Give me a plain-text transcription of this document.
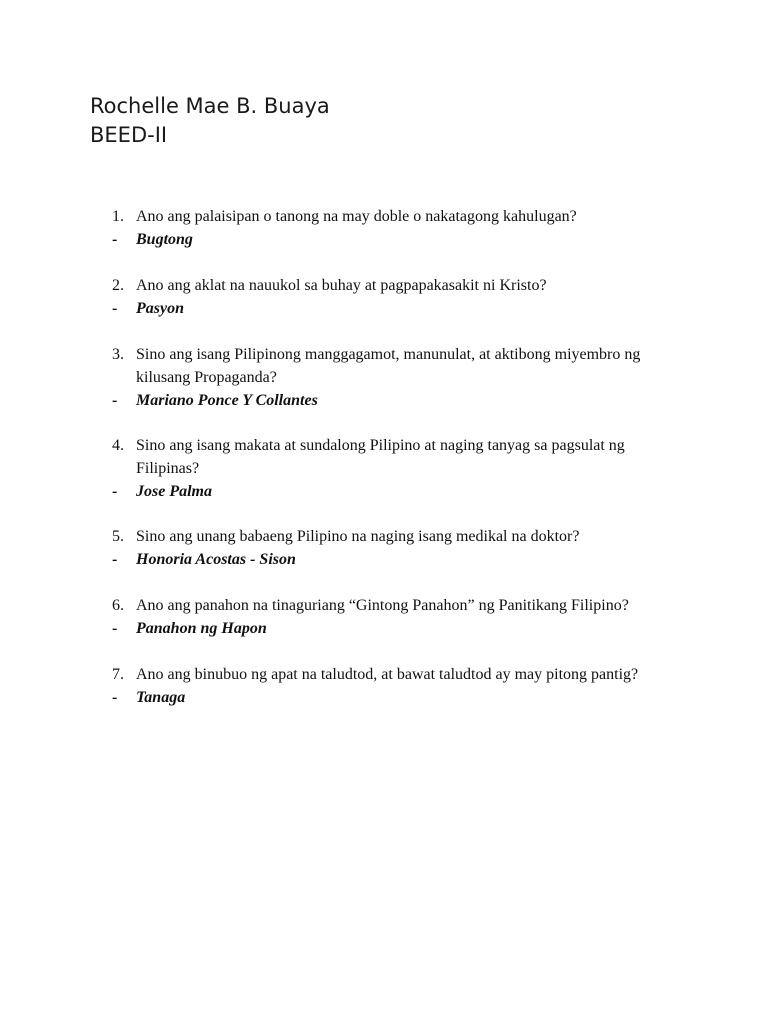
Rochelle Mae B. Buaya
BEED-II
1. Ano ang palaisipan o tanong na may doble o nakatagong kahulugan?
-	Bugtong
2. Ano ang aklat na nauukol sa buhay at pagpapakasakit ni Kristo?
-	Pasyon
3. Sino ang isang Pilipinong manggagamot, manunulat, at aktibong miyembro ng kilusang Propaganda?
-	Mariano Ponce Y Collantes
4. Sino ang isang makata at sundalong Pilipino at naging tanyag sa pagsulat ng Filipinas?
-	Jose Palma
5. Sino ang unang babaeng Pilipino na naging isang medikal na doktor?
-	Honoria Acostas - Sison
6. Ano ang panahon na tinaguriang “Gintong Panahon” ng Panitikang Filipino?
-	Panahon ng Hapon
7. Ano ang binubuo ng apat na taludtod, at bawat taludtod ay may pitong pantig?
-	Tanaga
